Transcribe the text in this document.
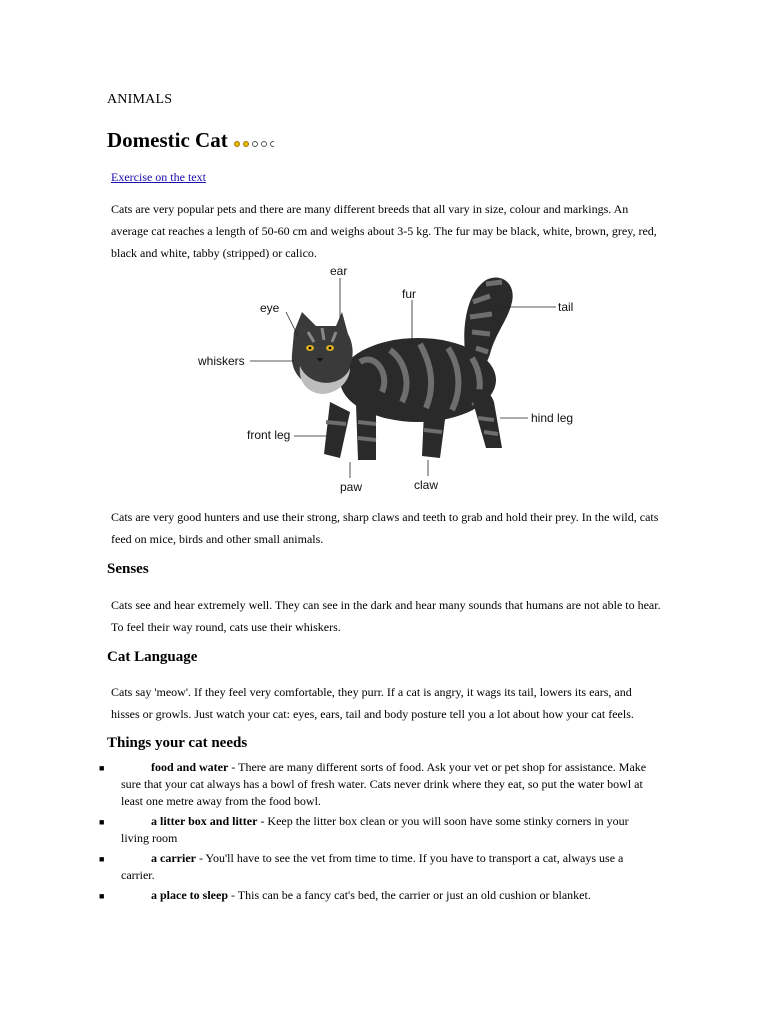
ANIMALS
Domestic Cat
Exercise on the text

Cats are very popular pets and there are many different breeds that all vary in size, colour and markings. An average cat reaches a length of 50-60 cm and weighs about 3-5 kg. The fur may be black, white, brown, grey, red, black and white, tabby (stripped) or calico.

ear
fur
eye	tail
whiskers
hind leg
front leg
claw
paw

Cats are very good hunters and use their strong, sharp claws and teeth to grab and hold their prey. In the wild, cats feed on mice, birds and other small animals.

Senses

Cats see and hear extremely well. They can see in the dark and hear many sounds that humans are not able to hear. To feel their way round, cats use their whiskers.

Cat Language

Cats say 'meow'. If they feel very comfortable, they purr. If a cat is angry, it wags its tail, lowers its ears, and hisses or growls. Just watch your cat: eyes, ears, tail and body posture tell you a lot about how your cat feels.

Things your cat needs
■	food and water - There are many different sorts of food. Ask your vet or pet shop for assistance. Make sure that your cat always has a bowl of fresh water. Cats never drink where they eat, so put the water bowl at least one metre away from the food bowl.
■	a litter box and litter - Keep the litter box clean or you will soon have some stinky corners in your living room
■	a carrier - You'll have to see the vet from time to time. If you have to transport a cat, always use a carrier.
■	a place to sleep - This can be a fancy cat's bed, the carrier or just an old cushion or blanket.
